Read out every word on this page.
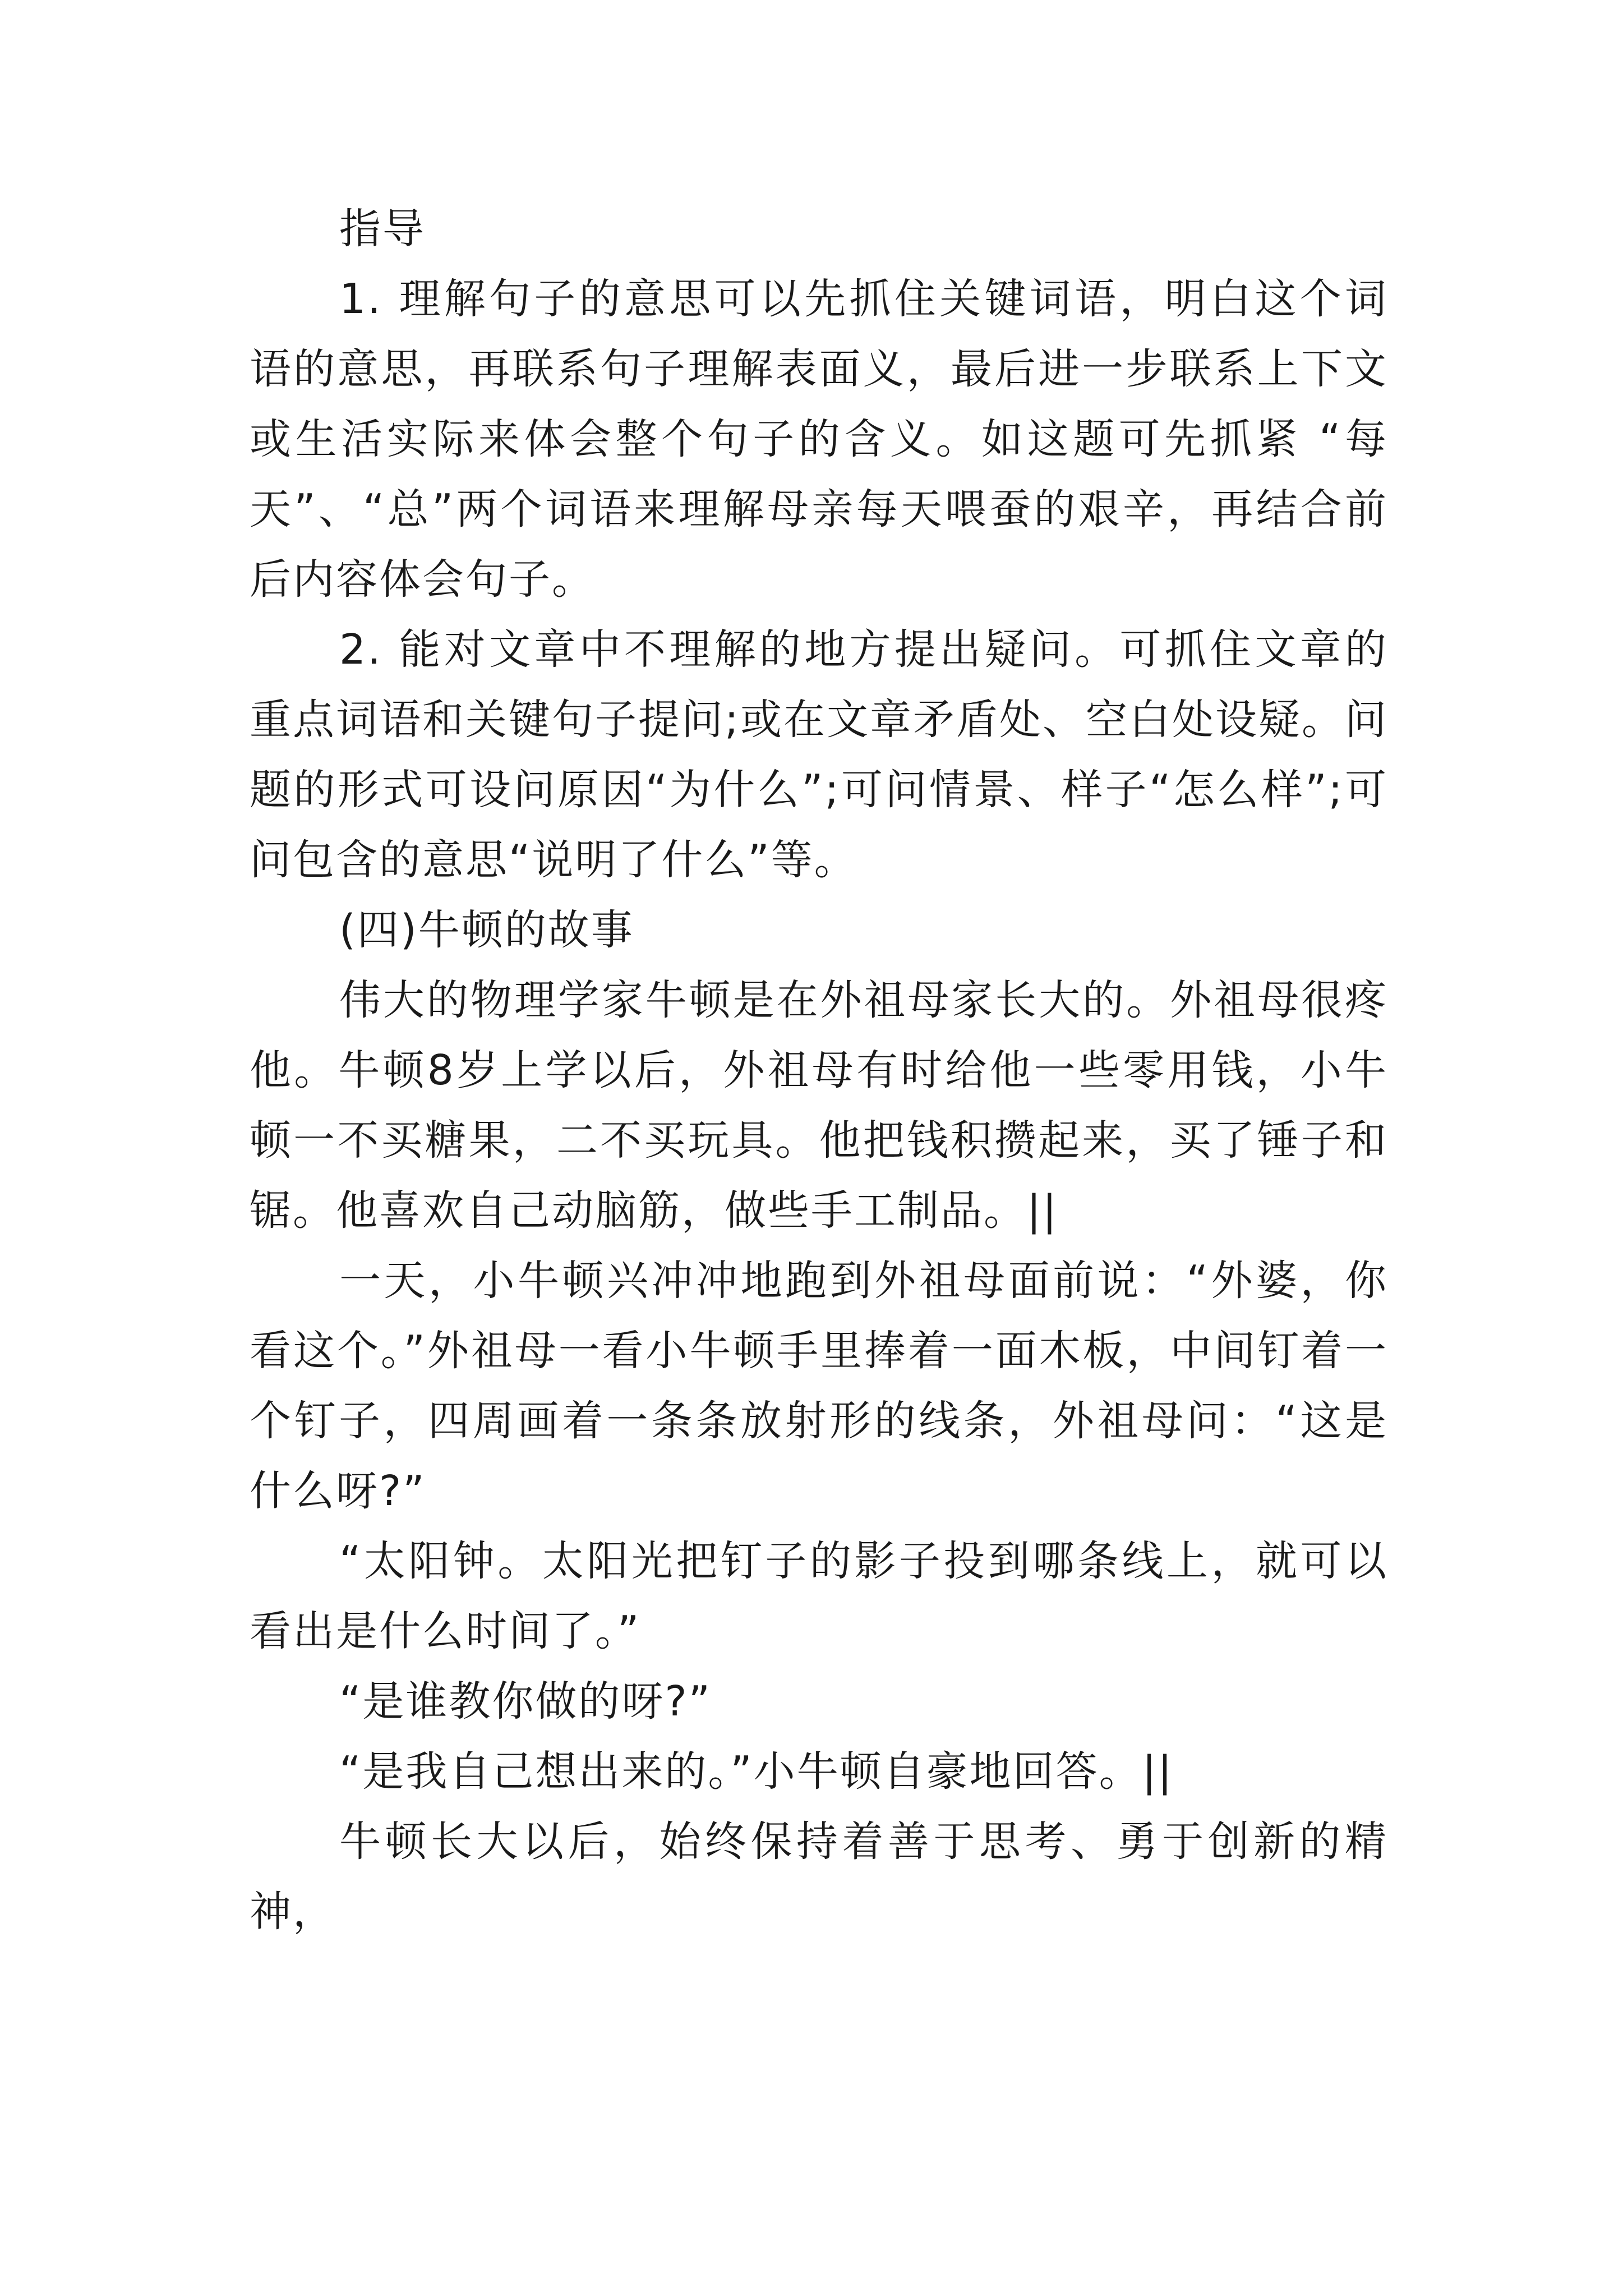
指导

1. 理解句子的意思可以先抓住关键词语，明白这个词语的意思，再联系句子理解表面义，最后进一步联系上下文或生活实际来体会整个句子的含义。如这题可先抓紧 “每天”、“总”两个词语来理解母亲每天喂蚕的艰辛，再结合前后内容体会句子。

2. 能对文章中不理解的地方提出疑问。可抓住文章的重点词语和关键句子提问;或在文章矛盾处、空白处设疑。问题的形式可设问原因“为什么”;可问情景、样子“怎么样”;可问包含的意思“说明了什么”等。

(四)牛顿的故事

伟大的物理学家牛顿是在外祖母家长大的。外祖母很疼他。牛顿8岁上学以后，外祖母有时给他一些零用钱，小牛顿一不买糖果，二不买玩具。他把钱积攒起来，买了锤子和锯。他喜欢自己动脑筋，做些手工制品。||

一天，小牛顿兴冲冲地跑到外祖母面前说：“外婆，你看这个。”外祖母一看小牛顿手里捧着一面木板，中间钉着一个钉子，四周画着一条条放射形的线条，外祖母问：“这是什么呀?”

“太阳钟。太阳光把钉子的影子投到哪条线上，就可以看出是什么时间了。”

“是谁教你做的呀?”

“是我自己想出来的。”小牛顿自豪地回答。||

牛顿长大以后，始终保持着善于思考、勇于创新的精神，
